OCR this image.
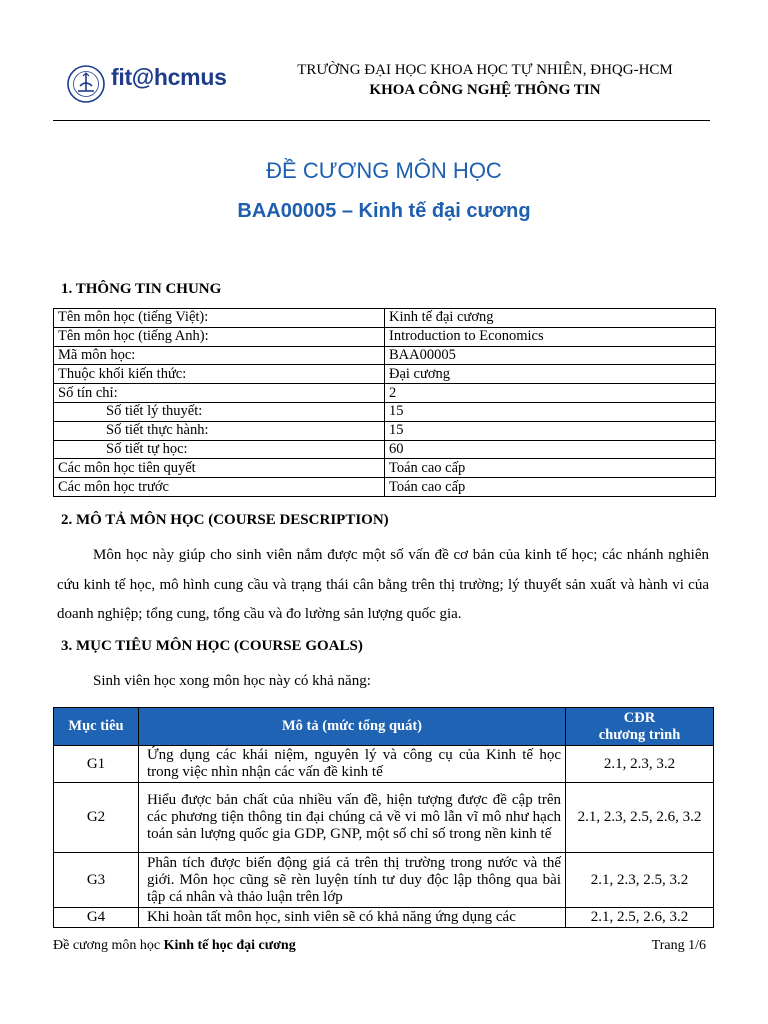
fit@hcmus	TRƯỜNG ĐẠI HỌC KHOA HỌC TỰ NHIÊN, ĐHQG-HCM
KHOA CÔNG NGHỆ THÔNG TIN
ĐỀ CƯƠNG MÔN HỌC
BAA00005 – Kinh tế đại cương
1. THÔNG TIN CHUNG
Tên môn học (tiếng Việt):	Kinh tế đại cương
Tên môn học (tiếng Anh):	Introduction to Economics
Mã môn học:	BAA00005
Thuộc khối kiến thức:	Đại cương
Số tín chỉ:	2
Số tiết lý thuyết:	15
Số tiết thực hành:	15
Số tiết tự học:	60
Các môn học tiên quyết	Toán cao cấp
Các môn học trước	Toán cao cấp
2. MÔ TẢ MÔN HỌC (COURSE DESCRIPTION)
Môn học này giúp cho sinh viên nắm được một số vấn đề cơ bản của kinh tế học; các nhánh nghiên cứu kinh tế học, mô hình cung cầu và trạng thái cân bằng trên thị trường; lý thuyết sản xuất và hành vi của doanh nghiệp; tổng cung, tổng cầu và đo lường sản lượng quốc gia.
3. MỤC TIÊU MÔN HỌC (COURSE GOALS)
Sinh viên học xong môn học này có khả năng:
Mục tiêu	Mô tả (mức tổng quát)	CĐR
chương trình
G1	Ứng dụng các khái niệm, nguyên lý và công cụ của Kinh tế học trong việc nhìn nhận các vấn đề kinh tế	2.1, 2.3, 3.2
G2	Hiểu được bản chất của nhiều vấn đề, hiện tượng được đề cập trên các phương tiện thông tin đại chúng cả về vi mô lẫn vĩ mô như hạch toán sản lượng quốc gia GDP, GNP, một số chỉ số trong nền kinh tế	2.1, 2.3, 2.5, 2.6, 3.2
G3	Phân tích được biến động giá cả trên thị trường trong nước và thế giới. Môn học cũng sẽ rèn luyện tính tư duy độc lập thông qua bài tập cá nhân và thảo luận trên lớp	2.1, 2.3, 2.5, 3.2
G4	Khi hoàn tất môn học, sinh viên sẽ có khả năng ứng dụng các	2.1, 2.5, 2.6, 3.2
Đề cương môn học Kinh tế học đại cương	Trang 1/6
